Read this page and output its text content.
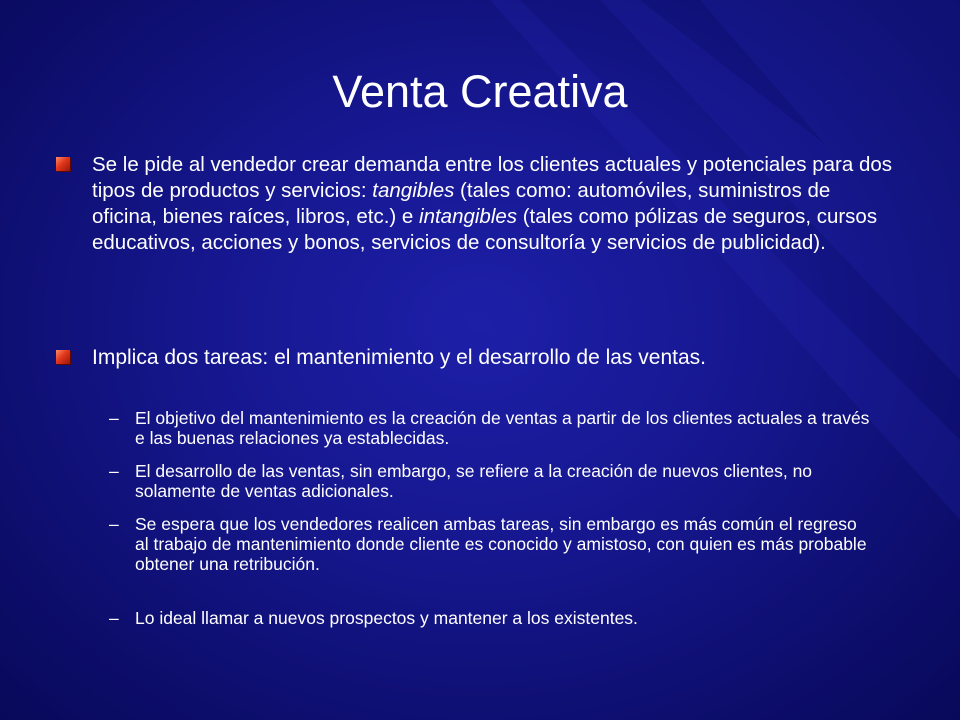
Venta Creativa
Se le pide al vendedor crear demanda entre los clientes actuales y potenciales para dos tipos de productos y servicios: tangibles (tales como: automóviles, suministros de oficina, bienes raíces, libros, etc.) e intangibles (tales como pólizas de seguros, cursos educativos, acciones y bonos, servicios de consultoría y servicios de publicidad).
Implica dos tareas: el mantenimiento y el desarrollo de las ventas.
– El objetivo del mantenimiento es la creación de ventas a partir de los clientes actuales a través e las buenas relaciones ya establecidas.
– El desarrollo de las ventas, sin embargo, se refiere a la creación de nuevos clientes, no solamente de ventas adicionales.
– Se espera que los vendedores realicen ambas tareas, sin embargo es más común el regreso al trabajo de mantenimiento donde cliente es conocido y amistoso, con quien es más probable obtener una retribución.
– Lo ideal llamar a nuevos prospectos y mantener a los existentes.
